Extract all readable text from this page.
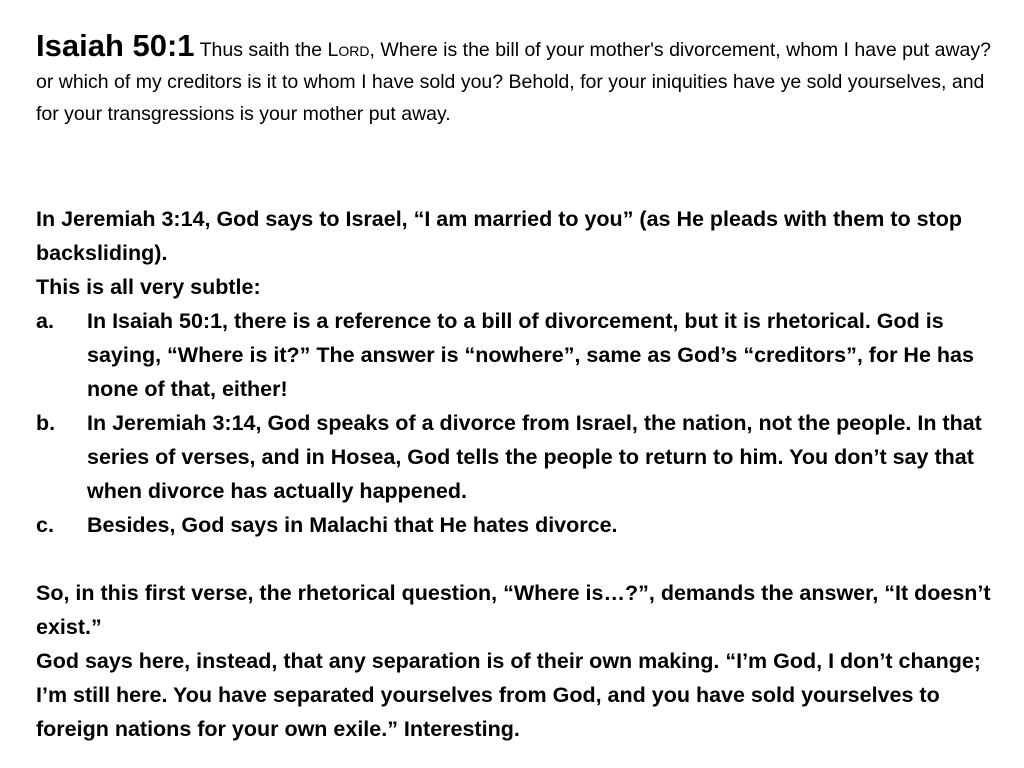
Isaiah 50:1 Thus saith the Lord, Where is the bill of your mother's divorcement, whom I have put away? or which of my creditors is it to whom I have sold you? Behold, for your iniquities have ye sold yourselves, and for your transgressions is your mother put away.

In Jeremiah 3:14, God says to Israel, “I am married to you” (as He pleads with them to stop backsliding).

This is all very subtle:

a. In Isaiah 50:1, there is a reference to a bill of divorcement, but it is rhetorical. God is saying, “Where is it?” The answer is “nowhere”, same as God’s “creditors”, for He has none of that, either!
b. In Jeremiah 3:14, God speaks of a divorce from Israel, the nation, not the people. In that series of verses, and in Hosea, God tells the people to return to him. You don’t say that when divorce has actually happened.
c. Besides, God says in Malachi that He hates divorce.

So, in this first verse, the rhetorical question, “Where is…?”, demands the answer, “It doesn’t exist.”

God says here, instead, that any separation is of their own making. “I’m God, I don’t change; I’m still here. You have separated yourselves from God, and you have sold yourselves to foreign nations for your own exile.” Interesting.
